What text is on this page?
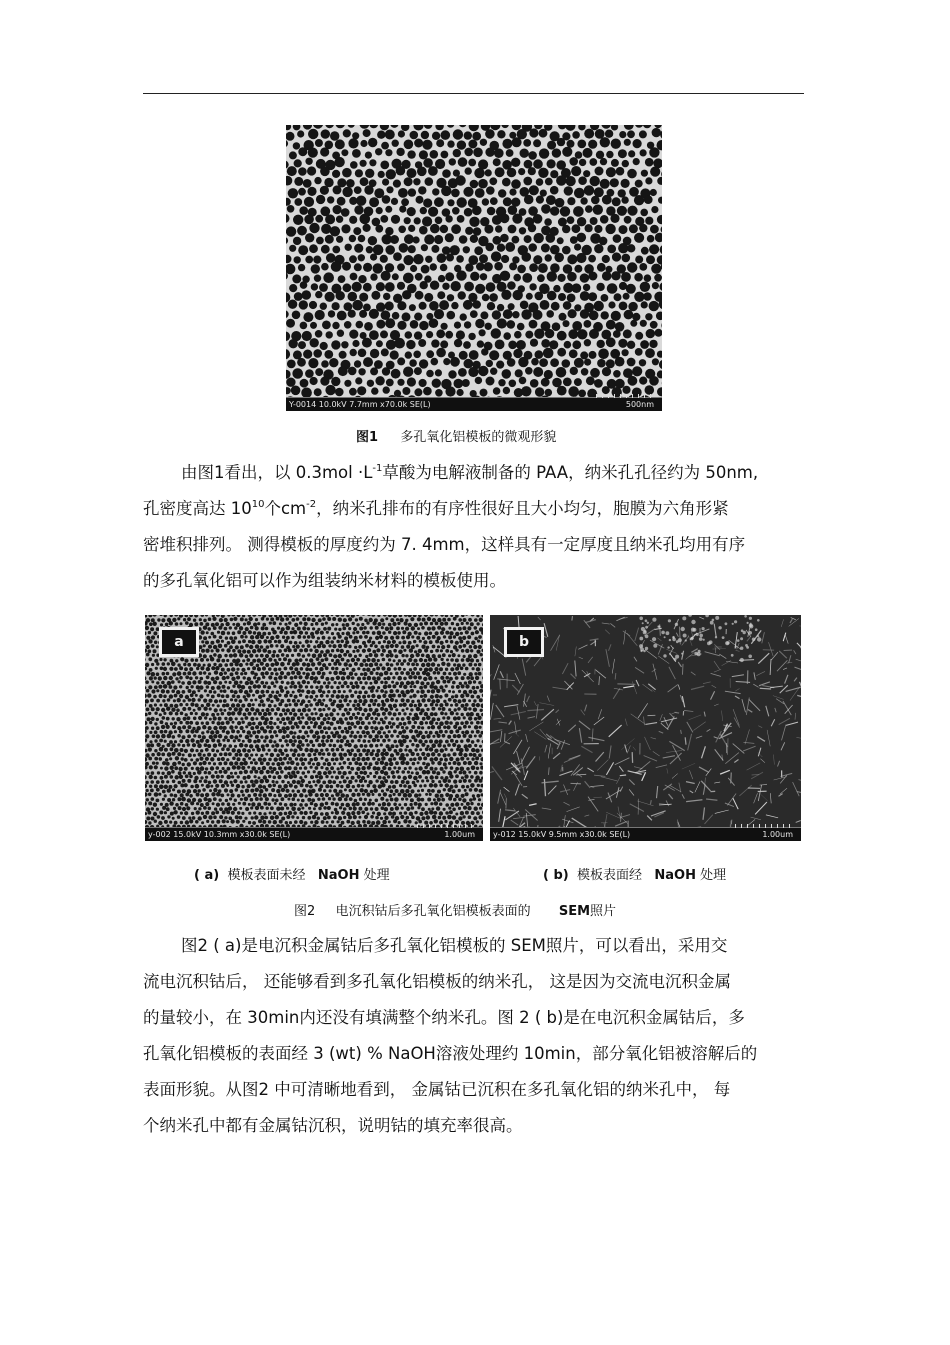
Y-0014 10.0kV 7.7mm x70.0k SE(L)	500nm
图1 多孔氧化铝模板的微观形貌
由图1看出，以 $0.3mol \cdot L^{-1}$草酸为电解液制备的 PAA，纳米孔孔径约为 50nm,
孔密度高达 $10^{10}$个$cm^{-2}$，纳米孔排布的有序性很好且大小均匀，胞膜为六角形紧
密堆积排列。 测得模板的厚度约为 7. 4mm，这样具有一定厚度且纳米孔均用有序
的多孔氧化铝可以作为组装纳米材料的模板使用。
a
y-002 15.0kV 10.3mm x30.0k SE(L)	1.00um
b
y-012 15.0kV 9.5mm x30.0k SE(L)	1.00um
( a) 模板表面未经 NaOH 处理	( b) 模板表面经 NaOH 处理
图2 电沉积钴后多孔氧化铝模板表面的 SEM照片
图2 ( a)是电沉积金属钴后多孔氧化铝模板的 SEM照片，可以看出，采用交
流电沉积钴后， 还能够看到多孔氧化铝模板的纳米孔， 这是因为交流电沉积金属
的量较小，在 30min内还没有填满整个纳米孔。图 2 ( b)是在电沉积金属钴后，多
孔氧化铝模板的表面经 3 (wt) % NaOH溶液处理约 10min，部分氧化铝被溶解后的
表面形貌。从图2 中可清晰地看到， 金属钴已沉积在多孔氧化铝的纳米孔中， 每
个纳米孔中都有金属钴沉积，说明钴的填充率很高。
